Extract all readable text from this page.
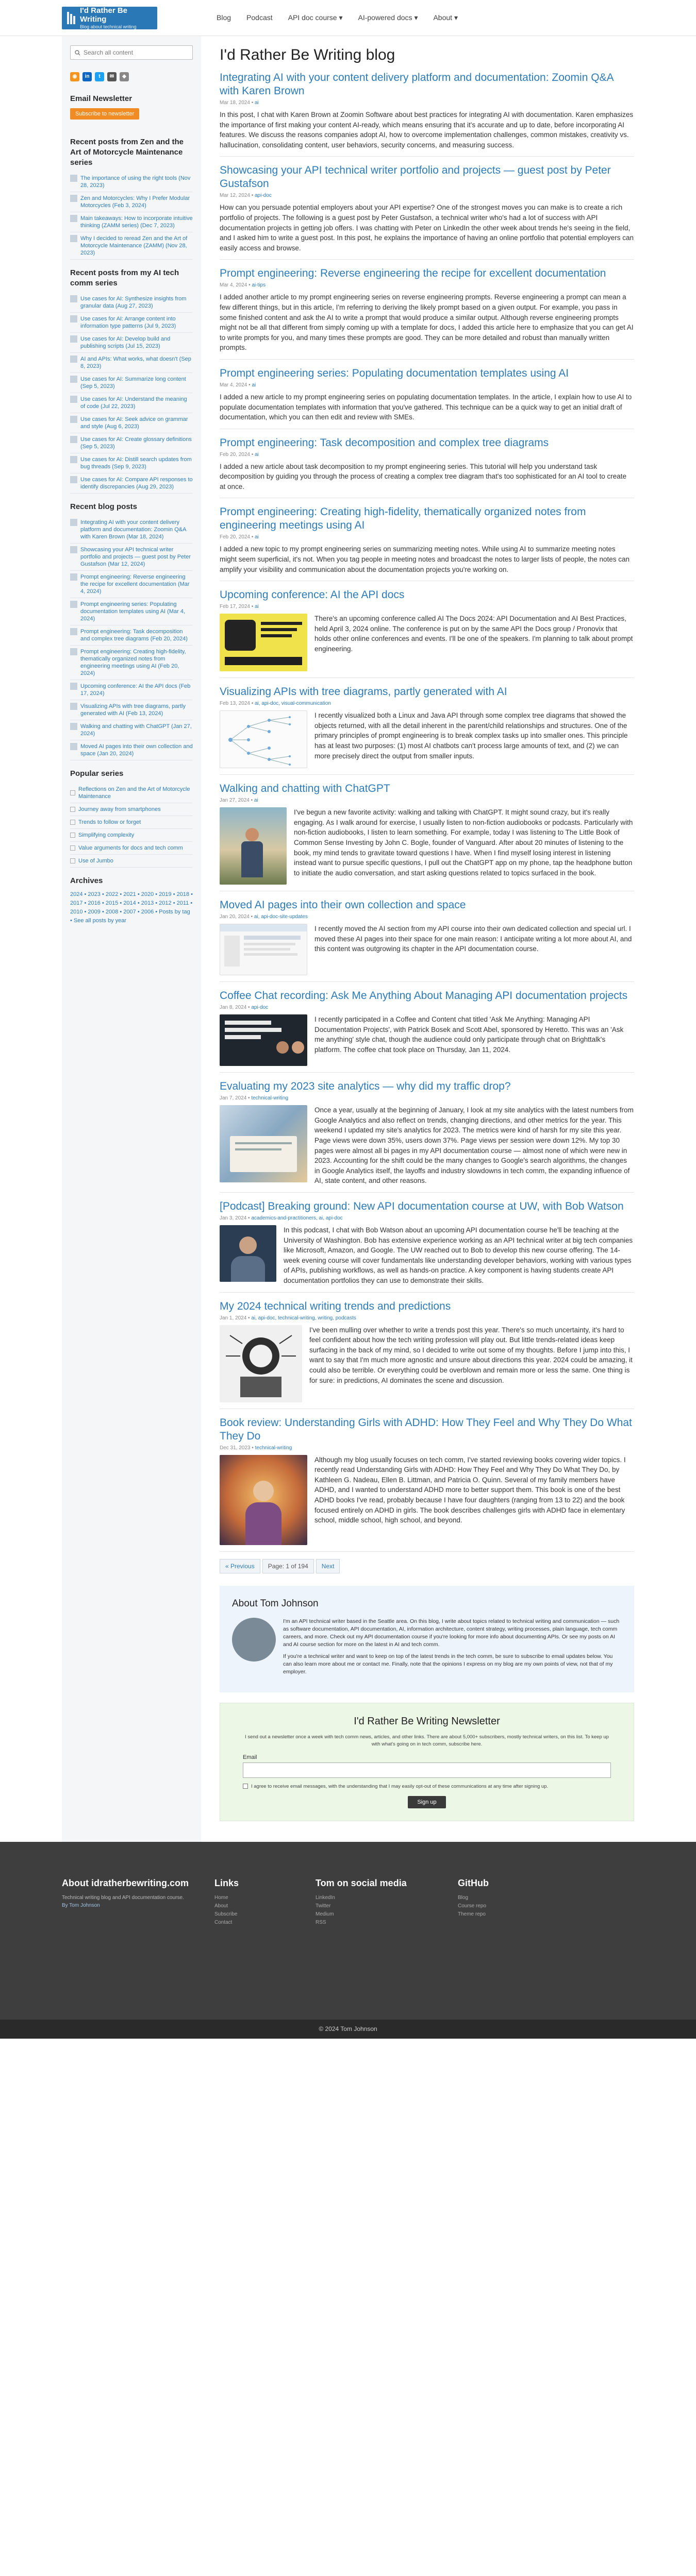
I'd Rather Be Writing
Blog about technical writing
Blog Podcast API doc course ▾ AI-powered docs ▾ About ▾
Search all content
◉	in	t	✉	◆
Email Newsletter
Subscribe to newsletter
Recent posts from Zen and the Art of Motorcycle Maintenance series
The importance of using the right tools (Nov 28, 2023)
Zen and Motorcycles: Why I Prefer Modular Motorcycles (Feb 3, 2024)
Main takeaways: How to incorporate intuitive thinking (ZAMM series) (Dec 7, 2023)
Why I decided to reread Zen and the Art of Motorcycle Maintenance (ZAMM) (Nov 28, 2023)
Recent posts from my AI tech comm series
Use cases for AI: Synthesize insights from granular data (Aug 27, 2023)
Use cases for AI: Arrange content into information type patterns (Jul 9, 2023)
Use cases for AI: Develop build and publishing scripts (Jul 15, 2023)
AI and APIs: What works, what doesn't (Sep 8, 2023)
Use cases for AI: Summarize long content (Sep 5, 2023)
Use cases for AI: Understand the meaning of code (Jul 22, 2023)
Use cases for AI: Seek advice on grammar and style (Aug 6, 2023)
Use cases for AI: Create glossary definitions (Sep 5, 2023)
Use cases for AI: Distill search updates from bug threads (Sep 9, 2023)
Use cases for AI: Compare API responses to identify discrepancies (Aug 29, 2023)
Recent blog posts
Integrating AI with your content delivery platform and documentation: Zoomin Q&A with Karen Brown (Mar 18, 2024)
Showcasing your API technical writer portfolio and projects — guest post by Peter Gustafson (Mar 12, 2024)
Prompt engineering: Reverse engineering the recipe for excellent documentation (Mar 4, 2024)
Prompt engineering series: Populating documentation templates using AI (Mar 4, 2024)
Prompt engineering: Task decomposition and complex tree diagrams (Feb 20, 2024)
Prompt engineering: Creating high-fidelity, thematically organized notes from engineering meetings using AI (Feb 20, 2024)
Upcoming conference: AI the API docs (Feb 17, 2024)
Visualizing APIs with tree diagrams, partly generated with AI (Feb 13, 2024)
Walking and chatting with ChatGPT (Jan 27, 2024)
Moved AI pages into their own collection and space (Jan 20, 2024)
Popular series
Reflections on Zen and the Art of Motorcycle Maintenance
Journey away from smartphones
Trends to follow or forget
Simplifying complexity
Value arguments for docs and tech comm
Use of Jumbo
Archives
2024 • 2023 • 2022 • 2021 • 2020 • 2019 • 2018 • 2017 • 2016 • 2015 • 2014 • 2013 • 2012 • 2011 • 2010 • 2009 • 2008 • 2007 • 2006 • Posts by tag • See all posts by year
I'd Rather Be Writing blog
Integrating AI with your content delivery platform and documentation: Zoomin Q&A with Karen Brown
Mar 18, 2024 • ai

In this post, I chat with Karen Brown at Zoomin Software about best practices for integrating AI with documentation. Karen emphasizes the importance of first making your content AI-ready, which means ensuring that it's accurate and up to date, before incorporating AI features. We discuss the reasons companies adopt AI, how to overcome implementation challenges, common mistakes, creativity vs. hallucination, consolidating content, user behaviors, security concerns, and measuring success.

Showcasing your API technical writer portfolio and projects — guest post by Peter Gustafson
Mar 12, 2024 • api-doc

How can you persuade potential employers about your API expertise? One of the strongest moves you can make is to create a rich portfolio of projects. The following is a guest post by Peter Gustafson, a technical writer who's had a lot of success with API documentation projects in getting job offers. I was chatting with Peter on LinkedIn the other week about trends he's seeing in the field, and I asked him to write a guest post. In this post, he explains the importance of having an online portfolio that potential employers can easily access and browse.

Prompt engineering: Reverse engineering the recipe for excellent documentation
Mar 4, 2024 • ai-tips

I added another article to my prompt engineering series on reverse engineering prompts. Reverse engineering a prompt can mean a few different things, but in this article, I'm referring to deriving the likely prompt based on a given output. For example, you pass in some finished content and ask the AI to write a prompt that would produce a similar output. Although reverse engineering prompts might not be all that different from simply coming up with a template for docs, I added this article here to emphasize that you can get AI to write prompts for you, and many times these prompts are good. They can be more detailed and robust than manually written prompts.

Prompt engineering series: Populating documentation templates using AI
Mar 4, 2024 • ai

I added a new article to my prompt engineering series on populating documentation templates. In the article, I explain how to use AI to populate documentation templates with information that you've gathered. This technique can be a quick way to get an initial draft of documentation, which you can then edit and review with SMEs.

Prompt engineering: Task decomposition and complex tree diagrams
Feb 20, 2024 • ai

I added a new article about task decomposition to my prompt engineering series. This tutorial will help you understand task decomposition by guiding you through the process of creating a complex tree diagram that's too sophisticated for an AI tool to create at once.

Prompt engineering: Creating high-fidelity, thematically organized notes from engineering meetings using AI
Feb 20, 2024 • ai

I added a new topic to my prompt engineering series on summarizing meeting notes. While using AI to summarize meeting notes might seem superficial, it's not. When you tag people in meeting notes and broadcast the notes to larger lists of people, the notes can amplify your visibility and communication about the documentation projects you're working on.

Upcoming conference: AI the API docs
Feb 17, 2024 • ai

There's an upcoming conference called AI The Docs 2024: API Documentation and AI Best Practices, held April 3, 2024 online. The conference is put on by the same API the Docs group / Pronovix that holds other online conferences and events. I'll be one of the speakers. I'm planning to talk about prompt engineering.

Visualizing APIs with tree diagrams, partly generated with AI
Feb 13, 2024 • ai, api-doc, visual-communication

I recently visualized both a Linux and Java API through some complex tree diagrams that showed the objects returned, with all the detail inherent in the parent/child relationships and structures. One of the primary principles of prompt engineering is to break complex tasks up into smaller ones. This principle has at least two purposes: (1) most AI chatbots can't process large amounts of text, and (2) we can more precisely direct the output from smaller inputs.

Walking and chatting with ChatGPT
Jan 27, 2024 • ai

I've begun a new favorite activity: walking and talking with ChatGPT. It might sound crazy, but it's really engaging. As I walk around for exercise, I usually listen to non-fiction audiobooks or podcasts. Particularly with non-fiction audiobooks, I listen to learn something. For example, today I was listening to The Little Book of Common Sense Investing by John C. Bogle, founder of Vanguard. After about 20 minutes of listening to the book, my mind tends to gravitate toward questions I have. When I find myself losing interest in listening instead want to pursue specific questions, I pull out the ChatGPT app on my phone, tap the headphone button to initiate the audio conversation, and start asking questions related to topics surfaced in the book.

Moved AI pages into their own collection and space
Jan 20, 2024 • ai, api-doc-site-updates

I recently moved the AI section from my API course into their own dedicated collection and special url. I moved these AI pages into their space for one main reason: I anticipate writing a lot more about AI, and this content was outgrowing its chapter in the API documentation course.

Coffee Chat recording: Ask Me Anything About Managing API documentation projects
Jan 8, 2024 • api-doc

I recently participated in a Coffee and Content chat titled 'Ask Me Anything: Managing API Documentation Projects', with Patrick Bosek and Scott Abel, sponsored by Heretto. This was an 'Ask me anything' style chat, though the audience could only participate through chat on Brighttalk's platform. The coffee chat took place on Thursday, Jan 11, 2024.

Evaluating my 2023 site analytics — why did my traffic drop?
Jan 7, 2024 • technical-writing

Once a year, usually at the beginning of January, I look at my site analytics with the latest numbers from Google Analytics and also reflect on trends, changing directions, and other metrics for the year. This weekend I updated my site's analytics for 2023. The metrics were kind of harsh for my site this year. Page views were down 35%, users down 37%. Page views per session were down 12%. My top 30 pages were almost all bi pages in my API documentation course — almost none of which were new in 2023. Accounting for the shift could be the many changes to Google's search algorithms, the changes in Google Analytics itself, the layoffs and industry slowdowns in tech comm, the expanding influence of AI, state content, and other reasons.

[Podcast] Breaking ground: New API documentation course at UW, with Bob Watson
Jan 3, 2024 • academics-and-practitioners, ai, api-doc

In this podcast, I chat with Bob Watson about an upcoming API documentation course he'll be teaching at the University of Washington. Bob has extensive experience working as an API technical writer at big tech companies like Microsoft, Amazon, and Google. The UW reached out to Bob to develop this new course offering. The 14-week evening course will cover fundamentals like understanding developer behaviors, working with various types of APIs, publishing workflows, as well as hands-on practice. A key component is having students create API documentation portfolios they can use to demonstrate their skills.

My 2024 technical writing trends and predictions
Jan 1, 2024 • ai, api-doc, technical-writing, writing, podcasts

I've been mulling over whether to write a trends post this year. There's so much uncertainty, it's hard to feel confident about how the tech writing profession will play out. But little trends-related ideas keep surfacing in the back of my mind, so I decided to write out some of my thoughts. Before I jump into this, I want to say that I'm much more agnostic and unsure about directions this year. 2024 could be amazing, it could also be terrible. Or everything could be overblown and remain more or less the same. One thing is for sure: in predictions, AI dominates the scene and discussion.

Book review: Understanding Girls with ADHD: How They Feel and Why They Do What They Do
Dec 31, 2023 • technical-writing

Although my blog usually focuses on tech comm, I've started reviewing books covering wider topics. I recently read Understanding Girls with ADHD: How They Feel and Why They Do What They Do, by Kathleen G. Nadeau, Ellen B. Littman, and Patricia O. Quinn. Several of my family members have ADHD, and I wanted to understand ADHD more to better support them. This book is one of the best ADHD books I've read, probably because I have four daughters (ranging from 13 to 22) and the book focused entirely on ADHD in girls. The book describes challenges girls with ADHD face in elementary school, middle school, high school, and beyond.

« Previous	Page: 1 of 194	Next
About Tom Johnson

I'm an API technical writer based in the Seattle area. On this blog, I write about topics related to technical writing and communication — such as software documentation, API documentation, AI, information architecture, content strategy, writing processes, plain language, tech comm careers, and more. Check out my API documentation course if you're looking for more info about documenting APIs. Or see my posts on AI and AI course section for more on the latest in AI and tech comm.

If you're a technical writer and want to keep on top of the latest trends in the tech comm, be sure to subscribe to email updates below. You can also learn more about me or contact me. Finally, note that the opinions I express on my blog are my own points of view, not that of my employer.

I'd Rather Be Writing Newsletter

I send out a newsletter once a week with tech comm news, articles, and other links. There are about 5,000+ subscribers, mostly technical writers, on this list. To keep up with what's going on in tech comm, subscribe here.

Email
I agree to receive email messages, with the understanding that I may easily opt-out of these communications at any time after signing up.
Sign up
About idratherbewriting.com

Technical writing blog and API documentation course.

By Tom Johnson

Links
Home
About
Subscribe
Contact
Tom on social media
LinkedIn
Twitter
Medium
RSS
GitHub
Blog
Course repo
Theme repo
© 2024 Tom Johnson
